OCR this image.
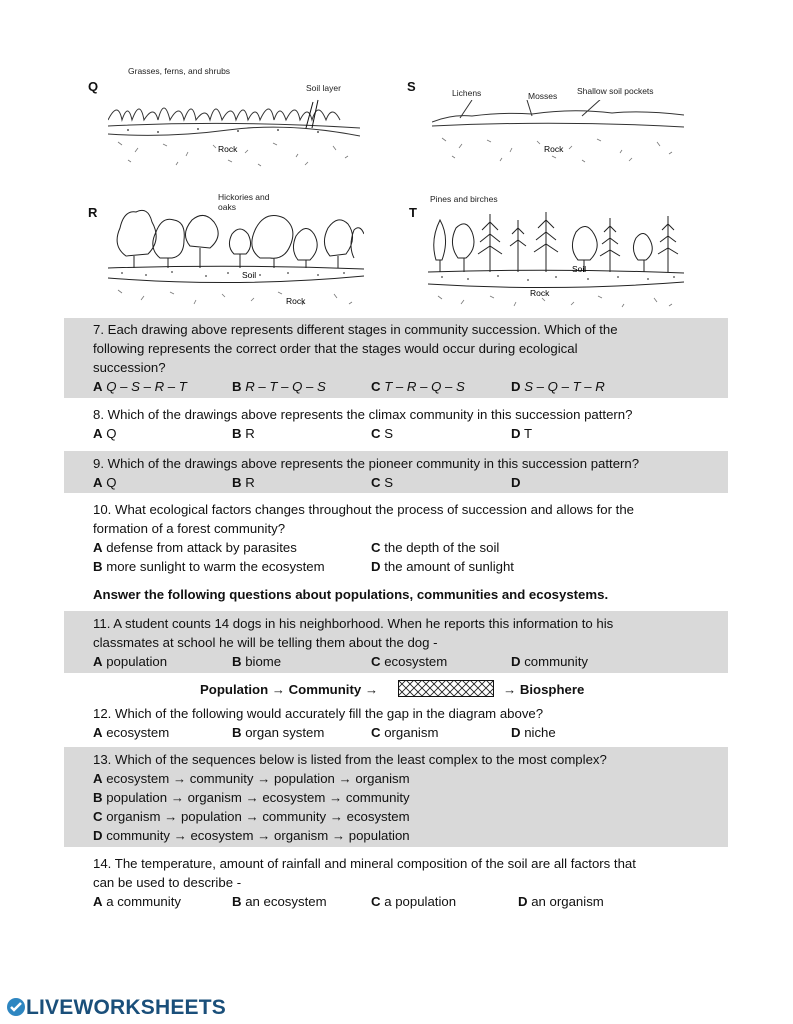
Q
Grasses, ferns, and shrubs
Soil layer
Rock
S	Lichens	Mosses Shallow soil pockets
Rock
R
Hickories and oaks
Soil
Rock
T
Pines and birches
Soil
Rock

7. Each drawing above represents different stages in community succession. Which of the

following represents the correct order that the stages would occur during ecological

succession?

A Q – S – R – T	B R – T – Q – S	C T – R – Q – S	D S – Q – T – R

8. Which of the drawings above represents the climax community in this succession pattern?

A Q	B R	C S	D T

9. Which of the drawings above represents the pioneer community in this succession pattern?

A Q	B R	C S	D

10. What ecological factors changes throughout the process of succession and allows for the

formation of a forest community?

A defense from attack by parasites	C the depth of the soil
B more sunlight to warm the ecosystem	D the amount of sunlight
Answer the following questions about populations, communities and ecosystems.

11. A student counts 14 dogs in his neighborhood. When he reports this information to his

classmates at school he will be telling them about the dog -

A population	B biome	C ecosystem	D community
Population → Community →	→ Biosphere

12. Which of the following would accurately fill the gap in the diagram above?

A ecosystem	B organ system	C organism	D niche

13. Which of the sequences below is listed from the least complex to the most complex?

A ecosystem → community → population → organism
B population → organism → ecosystem → community
C organism → population → community → ecosystem
D community → ecosystem → organism → population

14. The temperature, amount of rainfall and mineral composition of the soil are all factors that

can be used to describe -

A a community	B an ecosystem	C a population	D an organism
LIVEWORKSHEETS
